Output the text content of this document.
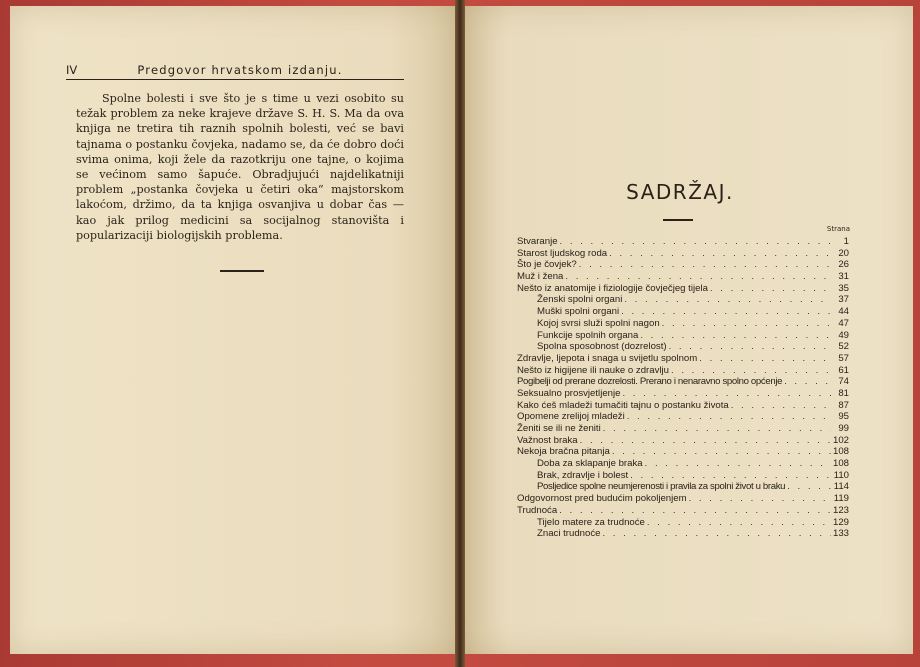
IV	Predgovor hrvatskom izdanju.

Spolne bolesti i sve što je s time u vezi osobito su težak problem za neke krajeve države S. H. S. Ma da ova knjiga ne tretira tih raznih spolnih bolesti, već se bavi tajnama o postanku čovjeka, nadamo se, da će dobro doći svima onima, koji žele da razotkriju one tajne, o kojima se većinom samo šapuće. Obradjujući najdelikatniji problem „postanka čovjeka u četiri oka“ majstorskom lakoćom, držimo, da ta knjiga osvanjiva u dobar čas — kao jak prilog medicini sa socijalnog stanovišta i popularizaciji biologijskih problema.

SADRŽAJ.
Strana
Stvaranje . . .	1
Starost ljudskog roda . . .	20
Što je čovjek? . . .	26
Muž i žena . . .	31
Nešto iz anatomije i fiziologije čovječjeg tijela . . .	35
Ženski spolni organi . . .	37
Muški spolni organi . . .	44
Kojoj svrsi služi spolni nagon . . .	47
Funkcije spolnih organa . . .	49
Spolna sposobnost (dozrelost) . . .	52
Zdravlje, ljepota i snaga u svijetlu spolnom . . .	57
Nešto iz higijene ili nauke o zdravlju . . .	61
Pogibelji od prerane dozrelosti. Prerano i nenaravno spolno općenje . . .	74
Seksualno prosvjetljenje . . .	81
Kako ćeš mladeži tumačiti tajnu o postanku života . . .	87
Opomene zrelijoj mladeži . . .	95
Ženiti se ili ne ženiti . . .	99
Važnost braka . . .	102
Nekoja bračna pitanja . . .	108
Doba za sklapanje braka . . .	108
Brak, zdravlje i bolest . . .	110
Posljedice spolne neumjerenosti i pravila za spolni život u braku . . .	114
Odgovornost pred budućim pokoljenjem . . .	119
Trudnoća . . .	123
Tijelo matere za trudnoće . . .	129
Znaci trudnoće . . .	133
